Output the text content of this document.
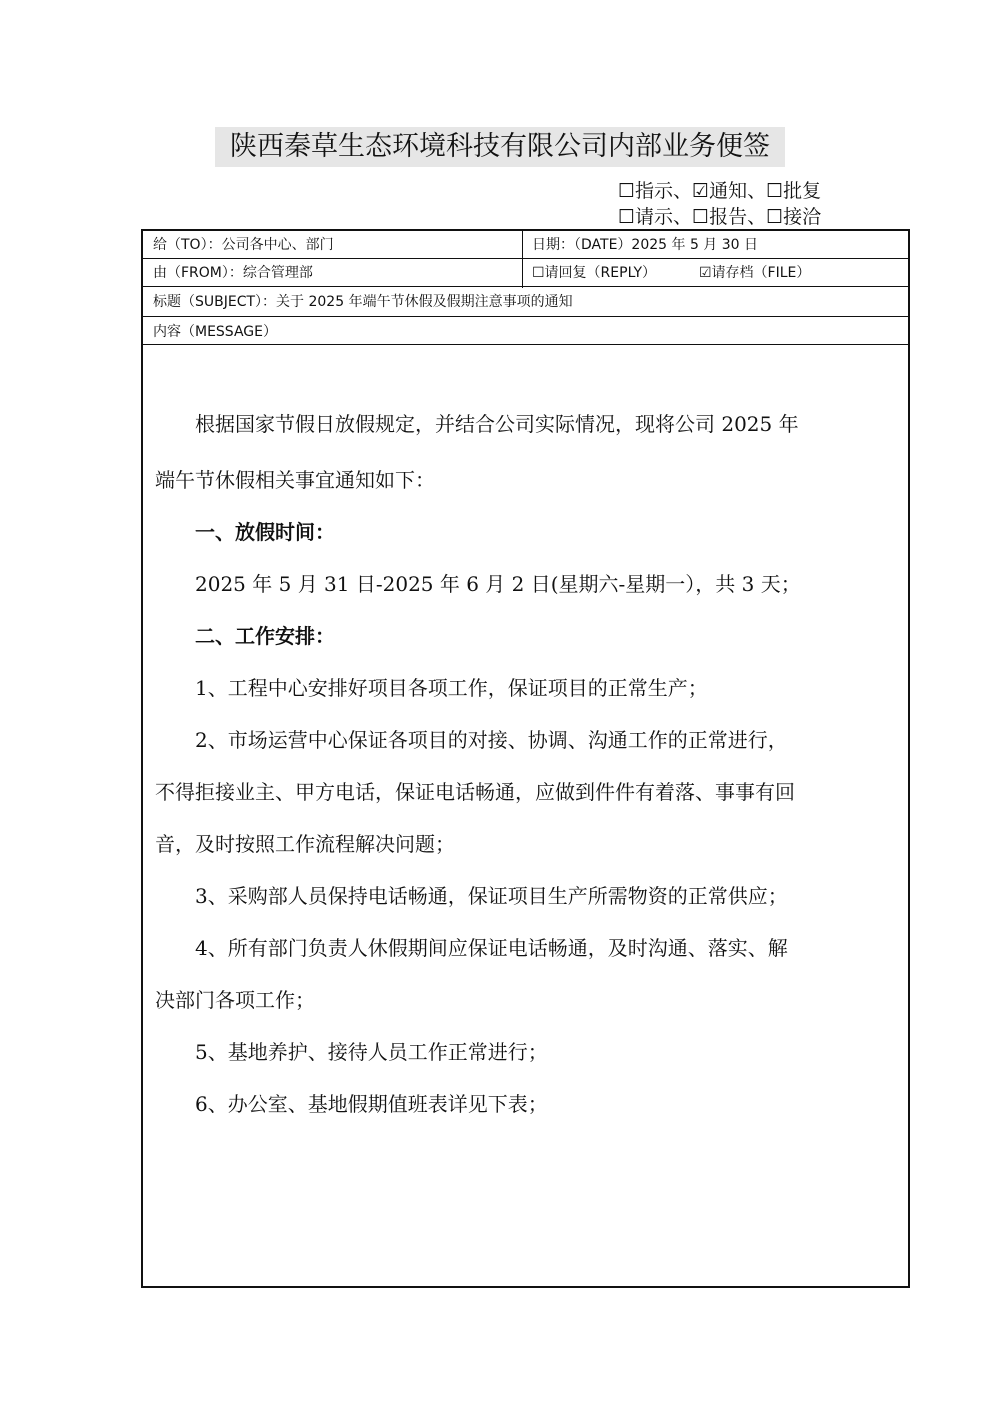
陕西秦草生态环境科技有限公司内部业务便签
☐指示、☑通知、☐批复
☐请示、☐报告、☐接洽
给（TO）：公司各中心、部门	日期：（DATE）2025 年 5 月 30 日
由（FROM）：综合管理部	☐请回复（REPLY）	☑请存档（FILE）
标题（SUBJECT）：关于 2025 年端午节休假及假期注意事项的通知
内容（MESSAGE）
　　根据国家节假日放假规定，并结合公司实际情况，现将公司 2025 年
端午节休假相关事宜通知如下：
　　一、放假时间：
　　2025 年 5 月 31 日-2025 年 6 月 2 日(星期六-星期一），共 3 天；
　　二、工作安排：
　　1、工程中心安排好项目各项工作，保证项目的正常生产；
　　2、市场运营中心保证各项目的对接、协调、沟通工作的正常进行，
不得拒接业主、甲方电话，保证电话畅通，应做到件件有着落、事事有回
音，及时按照工作流程解决问题；
　　3、采购部人员保持电话畅通，保证项目生产所需物资的正常供应；
　　4、所有部门负责人休假期间应保证电话畅通，及时沟通、落实、解
决部门各项工作；
　　5、基地养护、接待人员工作正常进行；
　　6、办公室、基地假期值班表详见下表；
